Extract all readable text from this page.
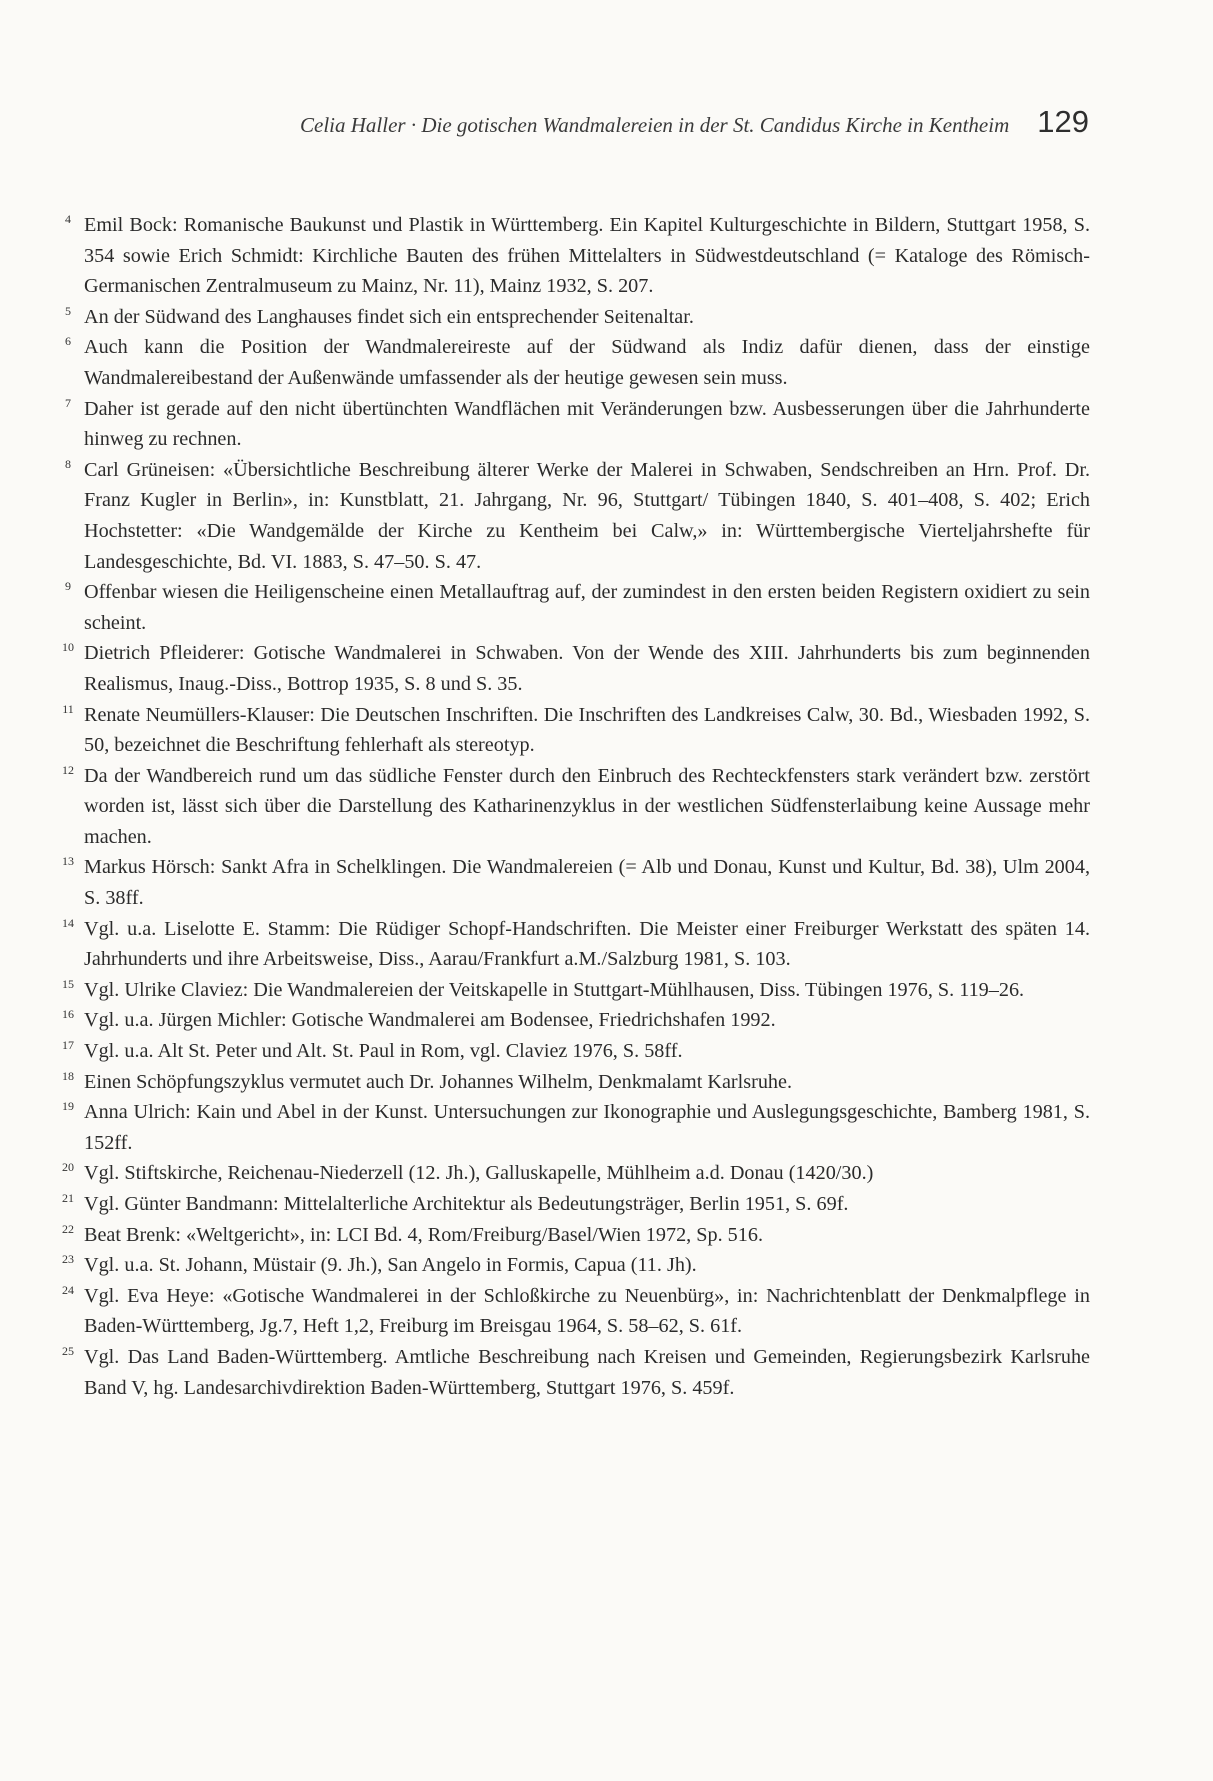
Celia Haller · Die gotischen Wandmalereien in der St. Candidus Kirche in Kentheim 129
4 Emil Bock: Romanische Baukunst und Plastik in Württemberg. Ein Kapitel Kulturgeschichte in Bildern, Stuttgart 1958, S. 354 sowie Erich Schmidt: Kirchliche Bauten des frühen Mittelalters in Südwestdeutschland (= Kataloge des Römisch-Germanischen Zentralmuseum zu Mainz, Nr. 11), Mainz 1932, S. 207.
5 An der Südwand des Langhauses findet sich ein entsprechender Seitenaltar.
6 Auch kann die Position der Wandmalereireste auf der Südwand als Indiz dafür dienen, dass der einstige Wandmalereibestand der Außenwände umfassender als der heutige gewesen sein muss.
7 Daher ist gerade auf den nicht übertünchten Wandflächen mit Veränderungen bzw. Ausbesserungen über die Jahrhunderte hinweg zu rechnen.
8 Carl Grüneisen: «Übersichtliche Beschreibung älterer Werke der Malerei in Schwaben, Sendschreiben an Hrn. Prof. Dr. Franz Kugler in Berlin», in: Kunstblatt, 21. Jahrgang, Nr. 96, Stuttgart/ Tübingen 1840, S. 401–408, S. 402; Erich Hochstetter: «Die Wandgemälde der Kirche zu Kentheim bei Calw,» in: Württembergische Vierteljahrshefte für Landesgeschichte, Bd. VI. 1883, S. 47–50. S. 47.
9 Offenbar wiesen die Heiligenscheine einen Metallauftrag auf, der zumindest in den ersten beiden Registern oxidiert zu sein scheint.
10 Dietrich Pfleiderer: Gotische Wandmalerei in Schwaben. Von der Wende des XIII. Jahrhunderts bis zum beginnenden Realismus, Inaug.-Diss., Bottrop 1935, S. 8 und S. 35.
11 Renate Neumüllers-Klauser: Die Deutschen Inschriften. Die Inschriften des Landkreises Calw, 30. Bd., Wiesbaden 1992, S. 50, bezeichnet die Beschriftung fehlerhaft als stereotyp.
12 Da der Wandbereich rund um das südliche Fenster durch den Einbruch des Rechteckfensters stark verändert bzw. zerstört worden ist, lässt sich über die Darstellung des Katharinenzyklus in der westlichen Südfensterlaibung keine Aussage mehr machen.
13 Markus Hörsch: Sankt Afra in Schelklingen. Die Wandmalereien (= Alb und Donau, Kunst und Kultur, Bd. 38), Ulm 2004, S. 38ff.
14 Vgl. u.a. Liselotte E. Stamm: Die Rüdiger Schopf-Handschriften. Die Meister einer Freiburger Werkstatt des späten 14. Jahrhunderts und ihre Arbeitsweise, Diss., Aarau/Frankfurt a.M./Salzburg 1981, S. 103.
15 Vgl. Ulrike Claviez: Die Wandmalereien der Veitskapelle in Stuttgart-Mühlhausen, Diss. Tübingen 1976, S. 119–26.
16 Vgl. u.a. Jürgen Michler: Gotische Wandmalerei am Bodensee, Friedrichshafen 1992.
17 Vgl. u.a. Alt St. Peter und Alt. St. Paul in Rom, vgl. Claviez 1976, S. 58ff.
18 Einen Schöpfungszyklus vermutet auch Dr. Johannes Wilhelm, Denkmalamt Karlsruhe.
19 Anna Ulrich: Kain und Abel in der Kunst. Untersuchungen zur Ikonographie und Auslegungsgeschichte, Bamberg 1981, S. 152ff.
20 Vgl. Stiftskirche, Reichenau-Niederzell (12. Jh.), Galluskapelle, Mühlheim a.d. Donau (1420/30.)
21 Vgl. Günter Bandmann: Mittelalterliche Architektur als Bedeutungsträger, Berlin 1951, S. 69f.
22 Beat Brenk: «Weltgericht», in: LCI Bd. 4, Rom/Freiburg/Basel/Wien 1972, Sp. 516.
23 Vgl. u.a. St. Johann, Müstair (9. Jh.), San Angelo in Formis, Capua (11. Jh).
24 Vgl. Eva Heye: «Gotische Wandmalerei in der Schloßkirche zu Neuenbürg», in: Nachrichtenblatt der Denkmalpflege in Baden-Württemberg, Jg.7, Heft 1,2, Freiburg im Breisgau 1964, S. 58–62, S. 61f.
25 Vgl. Das Land Baden-Württemberg. Amtliche Beschreibung nach Kreisen und Gemeinden, Regierungsbezirk Karlsruhe Band V, hg. Landesarchivdirektion Baden-Württemberg, Stuttgart 1976, S. 459f.
